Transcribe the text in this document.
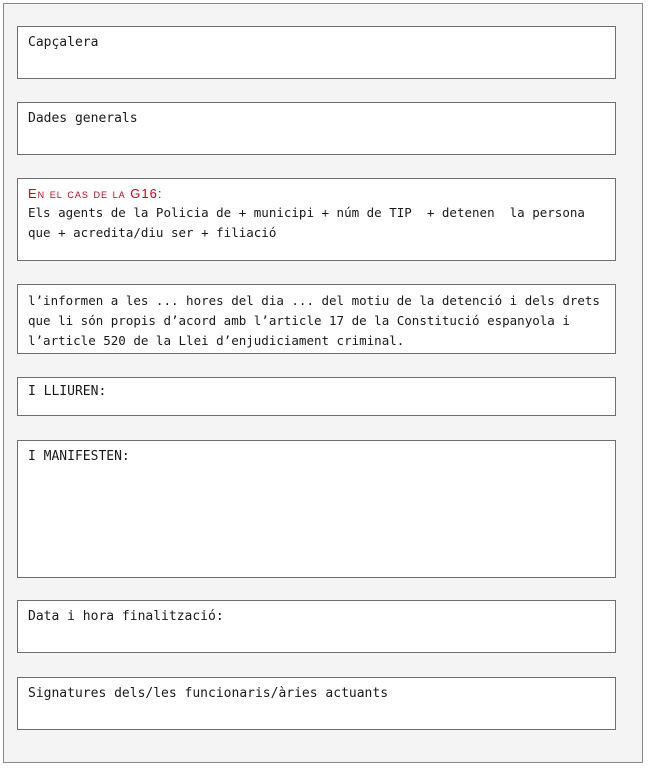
Capçalera

Dades generals

En el cas de la G16:

Els agents de la Policia de + municipi + núm de TIP  + detenen  la persona que + acredita/diu ser + filiació

l’informen a les ... hores del dia ... del motiu de la detenció i dels drets que li són propis d’acord amb l’article 17 de la Constitució espanyola i l’article 520 de la Llei d’enjudiciament criminal.

I LLIUREN:

I MANIFESTEN:

Data i hora finalització:

Signatures dels/les funcionaris/àries actuants
